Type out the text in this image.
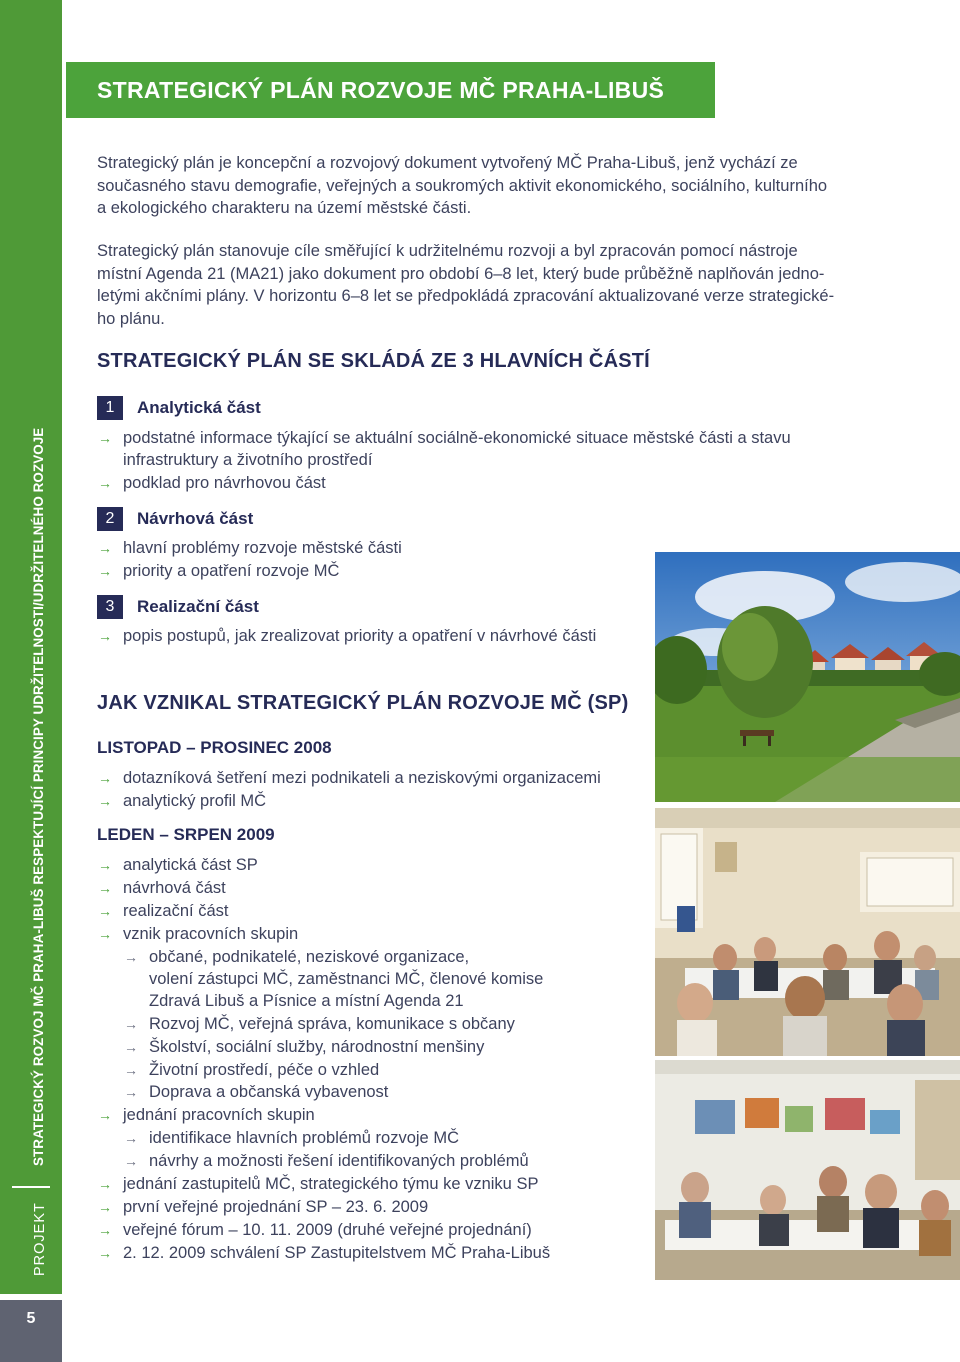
STRATEGICKÝ ROZVOJ MČ PRAHA-LIBUŠ RESPEKTUJÍCÍ PRINCIPY UDRŽITELNOSTI/UDRŽITELNÉHO ROZVOJE
PROJEKT
5
STRATEGICKÝ PLÁN ROZVOJE MČ PRAHA-LIBUŠ
Strategický plán je koncepční a rozvojový dokument vytvořený MČ Praha-Libuš, jenž vychází ze
současného stavu demografie, veřejných a soukromých aktivit ekonomického, sociálního, kulturního
a ekologického charakteru na území městské části.
Strategický plán stanovuje cíle směřující k udržitelnému rozvoji a byl zpracován pomocí nástroje
místní Agenda 21 (MA21) jako dokument pro období 6–8 let, který bude průběžně naplňován jedno-
letými akčními plány. V horizontu 6–8 let se předpokládá zpracování aktualizované verze strategické-
ho plánu.
STRATEGICKÝ PLÁN SE SKLÁDÁ ZE 3 HLAVNÍCH ČÁSTÍ
1	Analytická část
→ podstatné informace týkající se aktuální sociálně-ekonomické situace městské části a stavu
infrastruktury a životního prostředí
→ podklad pro návrhovou část
2	Návrhová část
→ hlavní problémy rozvoje městské části
→ priority a opatření rozvoje MČ
3	Realizační část
→ popis postupů, jak zrealizovat priority a opatření v návrhové části
JAK VZNIKAL STRATEGICKÝ PLÁN ROZVOJE MČ (SP)
LISTOPAD – PROSINEC 2008
→ dotazníková šetření mezi podnikateli a neziskovými organizacemi
→ analytický profil MČ
LEDEN – SRPEN 2009
→ analytická část SP
→ návrhová část
→ realizační část
→ vznik pracovních skupin
→ občané, podnikatelé, neziskové organizace,
volení zástupci MČ, zaměstnanci MČ, členové komise
Zdravá Libuš a Písnice a místní Agenda 21
→ Rozvoj MČ, veřejná správa, komunikace s občany
→ Školství, sociální služby, národnostní menšiny
→ Životní prostředí, péče o vzhled
→ Doprava a občanská vybavenost
→ jednání pracovních skupin
→ identifikace hlavních problémů rozvoje MČ
→ návrhy a možnosti řešení identifikovaných problémů
→ jednání zastupitelů MČ, strategického týmu ke vzniku SP
→ první veřejné projednání SP – 23. 6. 2009
→ veřejné fórum – 10. 11. 2009 (druhé veřejné projednání)
→ 2. 12. 2009 schválení SP Zastupitelstvem MČ Praha-Libuš
